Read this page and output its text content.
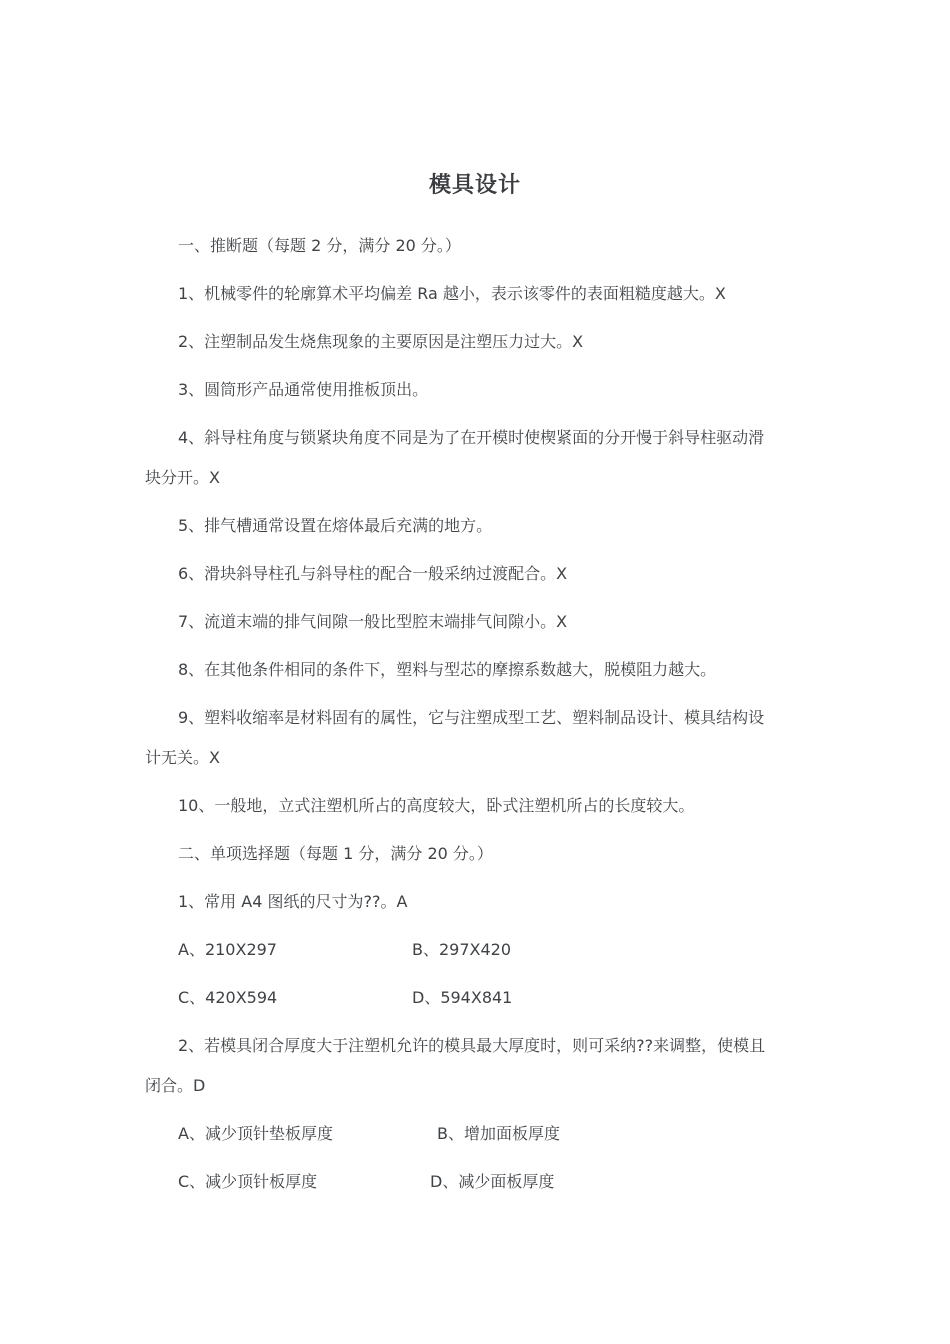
模具设计
一、推断题（每题 2 分，满分 20 分。）
1、机械零件的轮廓算术平均偏差 Ra 越小，表示该零件的表面粗糙度越大。X
2、注塑制品发生烧焦现象的主要原因是注塑压力过大。X
3、圆筒形产品通常使用推板顶出。
4、斜导柱角度与锁紧块角度不同是为了在开模时使楔紧面的分开慢于斜导柱驱动滑
块分开。X
5、排气槽通常设置在熔体最后充满的地方。
6、滑块斜导柱孔与斜导柱的配合一般采纳过渡配合。X
7、流道末端的排气间隙一般比型腔末端排气间隙小。X
8、在其他条件相同的条件下，塑料与型芯的摩擦系数越大，脱模阻力越大。
9、塑料收缩率是材料固有的属性，它与注塑成型工艺、塑料制品设计、模具结构设
计无关。X
10、一般地，立式注塑机所占的高度较大，卧式注塑机所占的长度较大。
二、单项选择题（每题 1 分，满分 20 分。）
1、常用 A4 图纸的尺寸为??。A
A、210X297	B、297X420
C、420X594	D、594X841
2、若模具闭合厚度大于注塑机允许的模具最大厚度时，则可采纳??来调整，使模且
闭合。D
A、减少顶针垫板厚度	B、增加面板厚度
C、减少顶针板厚度	D、减少面板厚度
